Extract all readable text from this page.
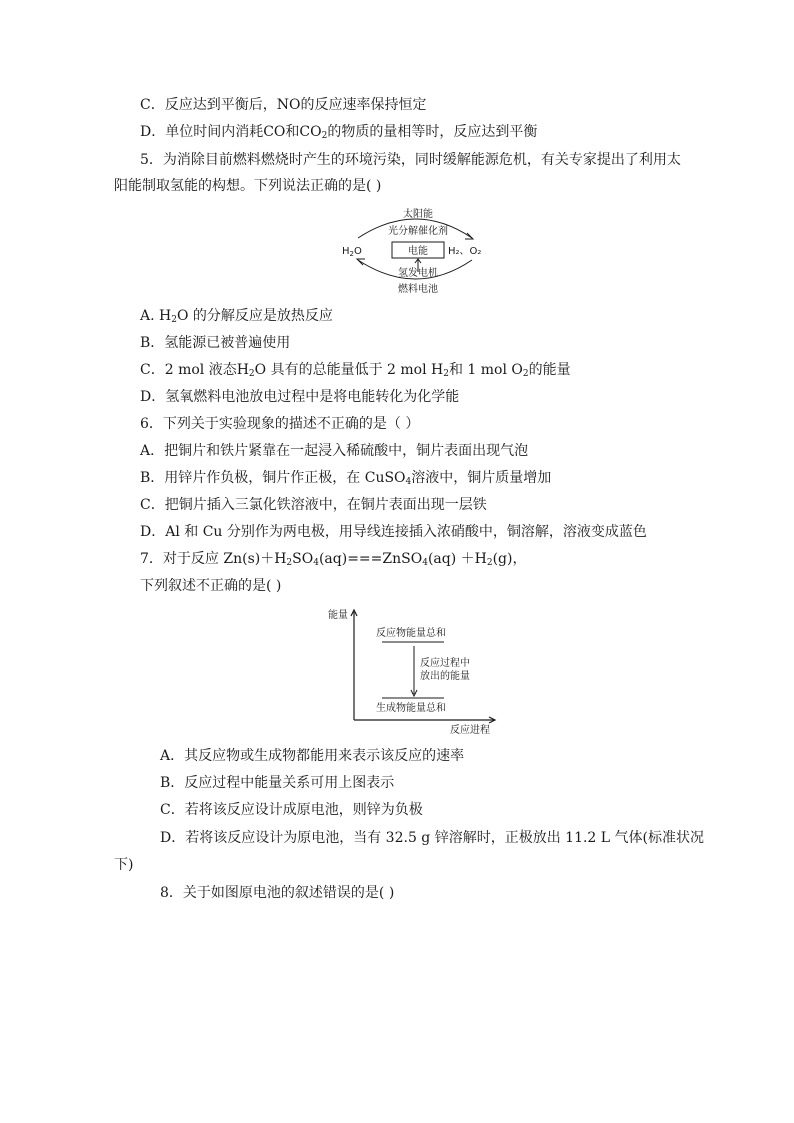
C．反应达到平衡后，NO的反应速率保持恒定
D．单位时间内消耗CO和$CO_2$的物质的量相等时，反应达到平衡
5．为消除目前燃料燃烧时产生的环境污染，同时缓解能源危机，有关专家提出了利用太
阳能制取氢能的构想。下列说法正确的是( )
太阳能
光分解催化剂
$H_2O$	电能 H₂、O₂
氢发电机
燃料电池
A. $H_2O$ 的分解反应是放热反应
B．氢能源已被普遍使用
C．2 mol 液态$H_2O$ 具有的总能量低于 2 mol $H_2$和 1 mol $O_2$的能量
D．氢氧燃料电池放电过程中是将电能转化为化学能
6．下列关于实验现象的描述不正确的是（ ）
A．把铜片和铁片紧靠在一起浸入稀硫酸中，铜片表面出现气泡
B．用锌片作负极，铜片作正极，在 CuSO$_4$溶液中，铜片质量增加
C．把铜片插入三氯化铁溶液中，在铜片表面出现一层铁
D．Al 和 Cu 分别作为两电极，用导线连接插入浓硝酸中，铜溶解，溶液变成蓝色
7．对于反应 $Zn(s)+H_2SO_4(aq)===ZnSO_4(aq) +H_2(g)$，
下列叙述不正确的是( )
能量
反应进程
反应物能量总和
反应过程中
放出的能量
生成物能量总和
A．其反应物或生成物都能用来表示该反应的速率
B．反应过程中能量关系可用上图表示
C．若将该反应设计成原电池，则锌为负极
D．若将该反应设计为原电池，当有 32.5 g 锌溶解时，正极放出 11.2 L 气体(标准状况
下)
8．关于如图原电池的叙述错误的是( )
